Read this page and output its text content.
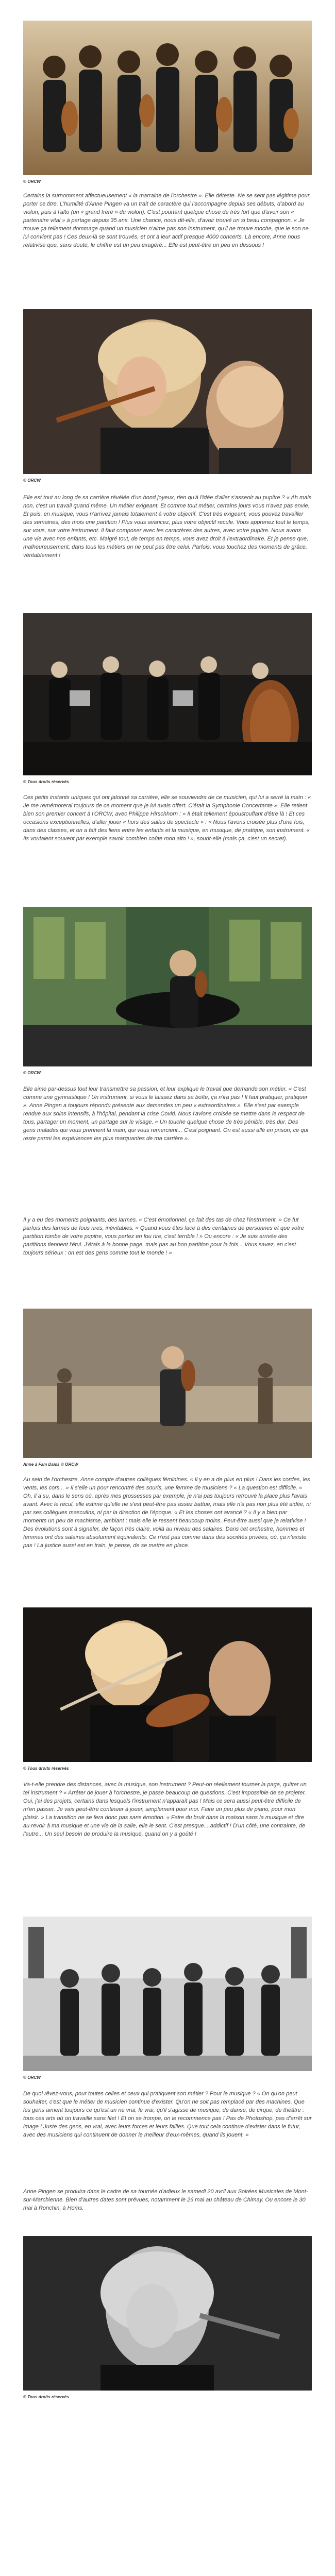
© ORCW

Certains la surnomment affectueusement « la marraine de l'orchestre ». Elle déteste. Ne se sent pas légitime pour porter ce titre. L'humilité d'Anne Pingen va un trait de caractère qui l'accompagne depuis ses débuts, d'abord au violon, puis à l'alto (un « grand frère » du violon). C'est pourtant quelque chose de très fort que d'avoir son « partenaire vital » à partage depuis 35 ans. Une chance, nous dit-elle, d'avoir trouvé un si beau compagnon. « Je trouve ça tellement dommage quand un musicien n'aime pas son instrument, qu'il ne trouve moche, que le son ne lui convient pas ! Ces deux-là se sont trouvés, et ont à leur actif presque 4000 concerts. Là encore, Anne nous relativise que, sans doute, le chiffre est un peu exagéré... Elle est peut-être un peu en dessous !

© ORCW

Elle est tout au long de sa carrière révélée d'un bond joyeux, rien qu'à l'idée d'aller s'asseoir au pupitre ? « Ah mais non, c'est un travail quand même. Un métier exigeant. Et comme tout métier, certains jours vous n'avez pas envie. Et puis, en musique, vous n'arrivez jamais totalement à votre objectif. C'est très exigeant, vous pouvez travailler des semaines, des mois une partition ! Plus vous avancez, plus votre objectif recule. Vous apprenez tout le temps, sur vous, sur votre instrument. Il faut composer avec les caractères des autres, avec votre pupitre. Nous avons une vie avec nos enfants, etc. Malgré tout, de temps en temps, vous avez droit à l'extraordinaire. Et je pense que, malheureusement, dans tous les métiers on ne peut pas être celui. Parfois, vous touchez des moments de grâce, véritablement !

© Tous droits réservés

Ces petits instants uniques qui ont jalonné sa carrière, elle se souviendra de ce musicien, qui lui a serré la main : « Je me remémorerai toujours de ce moment que je lui avais offert. C'était la Symphonie Concertante ». Elle retient bien son premier concert à l'ORCW, avec Philippe Hirschhorn : « Il était tellement époustouflant d'être là ! Et ces occasions exceptionnelles, d'aller jouer « hors des salles de spectacle » : « Nous l'avons croisée plus d'une fois, dans des classes, et on a fait des liens entre les enfants et la musique, en musique, de pratique, son instrument. « Ils voulaient souvent par exemple savoir combien coûte mon alto ! », sourit-elle (mais ça, c'est un secret).

© ORCW

Elle aime par-dessus tout leur transmettre sa passion, et leur explique le travail que demande son métier. « C'est comme une gymnastique ! Un instrument, si vous le laissez dans sa boîte, ça n'ira pas ! Il faut pratiquer, pratiquer ». Anne Pingen a toujours répondu présente aux demandes un peu « extraordinaires ». Elle s'est par exemple rendue aux soins intensifs, à l'hôpital, pendant la crise Covid. Nous l'avions croisée se mettre dans le respect de tous, partager un moment, un partage sur le visage. « Un touche quelque chose de très pénible, très dur. Des gens malades qui vous prennent la main, qui vous remercient... C'est poignant. On est aussi allé en prison, ce qui reste parmi les expériences les plus marquantes de ma carrière ».

Il y a eu des moments poignants, des larmes. « C'est émotionnel, ça fait des tas de chez l'instrument. » Ce fut parfois des larmes de fous rires, inévitables. « Quand vous êtes face à des centaines de personnes et que votre partition tombe de votre pupitre, vous partez en fou rire, c'est terrible ! » Ou encore : « Je suis arrivée des partitions tiennent l'étui. J'étais à la bonne page, mais pas au bon partition pour la fois... Vous savez, en c'est toujours sérieux : on est des gens comme tout le monde ! »

Anne à Fam Daiss © ORCW

Au sein de l'orchestre, Anne compte d'autres collègues féminines. « Il y en a de plus en plus ! Dans les cordes, les vents, les cors... » Il s'elle un pour rencontré des souris, une femme de musiciens ? « La question est difficile. « Oh, il a su, dans le sens où, après mes grossesses par exemple, je n'ai pas toujours retrouvé la place plus l'avais avant. Avec le recul, elle estime qu'elle ne s'est peut-être pas assez battue, mais elle n'a pas non plus été aidée, ni par ses collègues masculins, ni par la direction de l'époque. « Et les choses ont avancé ? « Il y a bien par moments un peu de machisme, ambiant ; mais elle le ressent beaucoup moins. Peut-être aussi que je relativise ! Des évolutions sont à signaler, de façon très claire, voilà au niveau des salaires. Dans cet orchestre, hommes et femmes ont des salaires absolument équivalents. Ce n'est pas comme dans des sociétés privées, où, ça n'existe pas ! La justice aussi est en train, je pense, de se mettre en place.

© Tous droits réservés

Va-t-elle prendre des distances, avec la musique, son instrument ? Peut-on réellement tourner la page, quitter un tel instrument ? « Arrêter de jouer à l'orchestre, je passe beaucoup de questions. C'est impossible de se projeter. Oui, j'ai des projets, certains dans lesquels l'instrument n'apparaît pas ! Mais ce sera aussi peut-être difficile de m'en passer. Je vais peut-être continuer à jouer, simplement pour moi. Faire un peu plus de piano, pour mon plaisir. » La transition ne se fera donc pas sans émotion. « Faire du bruit dans la maison sans la musique et dire au revoir à ma musique et une vie de la salle, elle le sent. C'est presque... addictif ! D'un côté, une contrainte, de l'autre... Un seul besoin de produire la musique, quand on y a goûté !

© ORCW

De quoi rêvez-vous, pour toutes celles et ceux qui pratiquent son métier ? Pour le musique ? « On qu'on peut souhaiter, c'est que le métier de musicien continue d'exister. Qu'on ne soit pas remplacé par des machines. Que les gens aiment toujours ce qu'est un ne vrai, le vrai, qu'il s'agisse de musique, de danse, de cirque, de théâtre : tous ces arts où on travaille sans filet ! Et on se trompe, on le recommence pas ! Pas de Photoshop, pas d'arrêt sur image ! Juste des gens, en vrai, avec leurs forces et leurs failles. Que tout cela continue d'exister dans le futur, avec des musiciens qui continuent de donner le meilleur d'eux-mêmes, quand ils jouent. »

Anne Pingen se produira dans le cadre de sa tournée d'adieux le samedi 20 avril aux Soirées Musicales de Mont-sur-Marchienne. Bien d'autres dates sont prévues, notamment le 26 mai au château de Chimay. Ou encore le 30 mai à Ronchin, à Homs.

© Tous droits réservés
